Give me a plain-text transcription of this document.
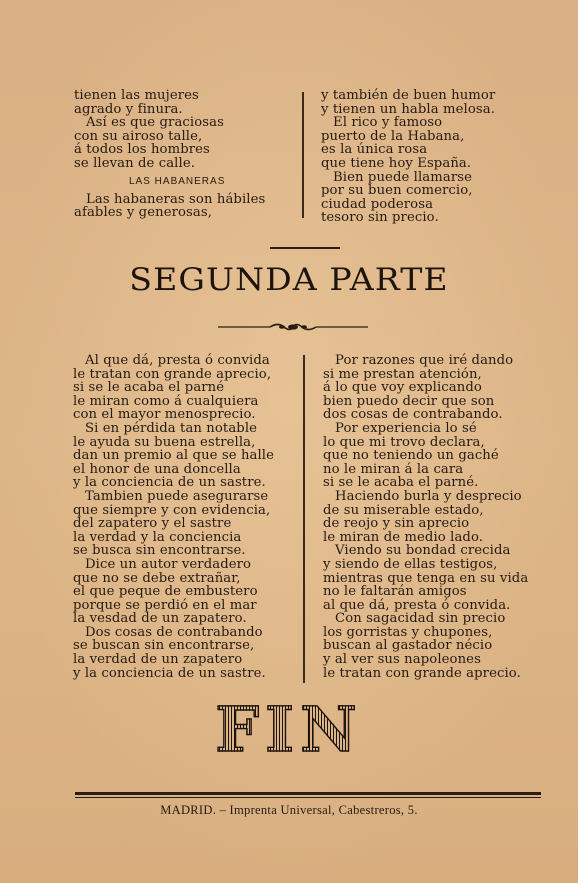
tienen las mujeres
agrado y finura.
Así es que graciosas
con su airoso talle,
á todos los hombres
se llevan de calle.
LAS HABANERAS
Las habaneras son hábiles
afables y generosas,
y también de buen humor
y tienen un habla melosa.
El rico y famoso
puerto de la Habana,
es la única rosa
que tiene hoy España.
Bien puede llamarse
por su buen comercio,
ciudad poderosa
tesoro sin precio.
SEGUNDA PARTE
Al que dá, presta ó convida
le tratan con grande aprecio,
si se le acaba el parné
le miran como á cualquiera
con el mayor menosprecio.
Si en pérdida tan notable
le ayuda su buena estrella,
dan un premio al que se halle
el honor de una doncella
y la conciencia de un sastre.
Tambien puede asegurarse
que siempre y con evidencia,
del zapatero y el sastre
la verdad y la conciencia
se busca sin encontrarse.
Dice un autor verdadero
que no se debe extrañar,
el que peque de embustero
porque se perdió en el mar
la vesdad de un zapatero.
Dos cosas de contrabando
se buscan sin encontrarse,
la verdad de un zapatero
y la conciencia de un sastre.
Por razones que iré dando
si me prestan atención,
á lo que voy explicando
bien puedo decir que son
dos cosas de contrabando.
Por experiencia lo sé
lo que mi trovo declara,
que no teniendo un gaché
no le miran á la cara
si se le acaba el parné.
Haciendo burla y desprecio
de su miserable estado,
de reojo y sin aprecio
le miran de medio lado.
Viendo su bondad crecida
y siendo de ellas testigos,
mientras que tenga en su vida
no le faltarán amigos
al que dá, presta ó convida.
Con sagacidad sin precio
los gorristas y chupones,
buscan al gastador nécio
y al ver sus napoleones
le tratan con grande aprecio.
FIN
MADRID. – Imprenta Universal, Cabestreros, 5.
